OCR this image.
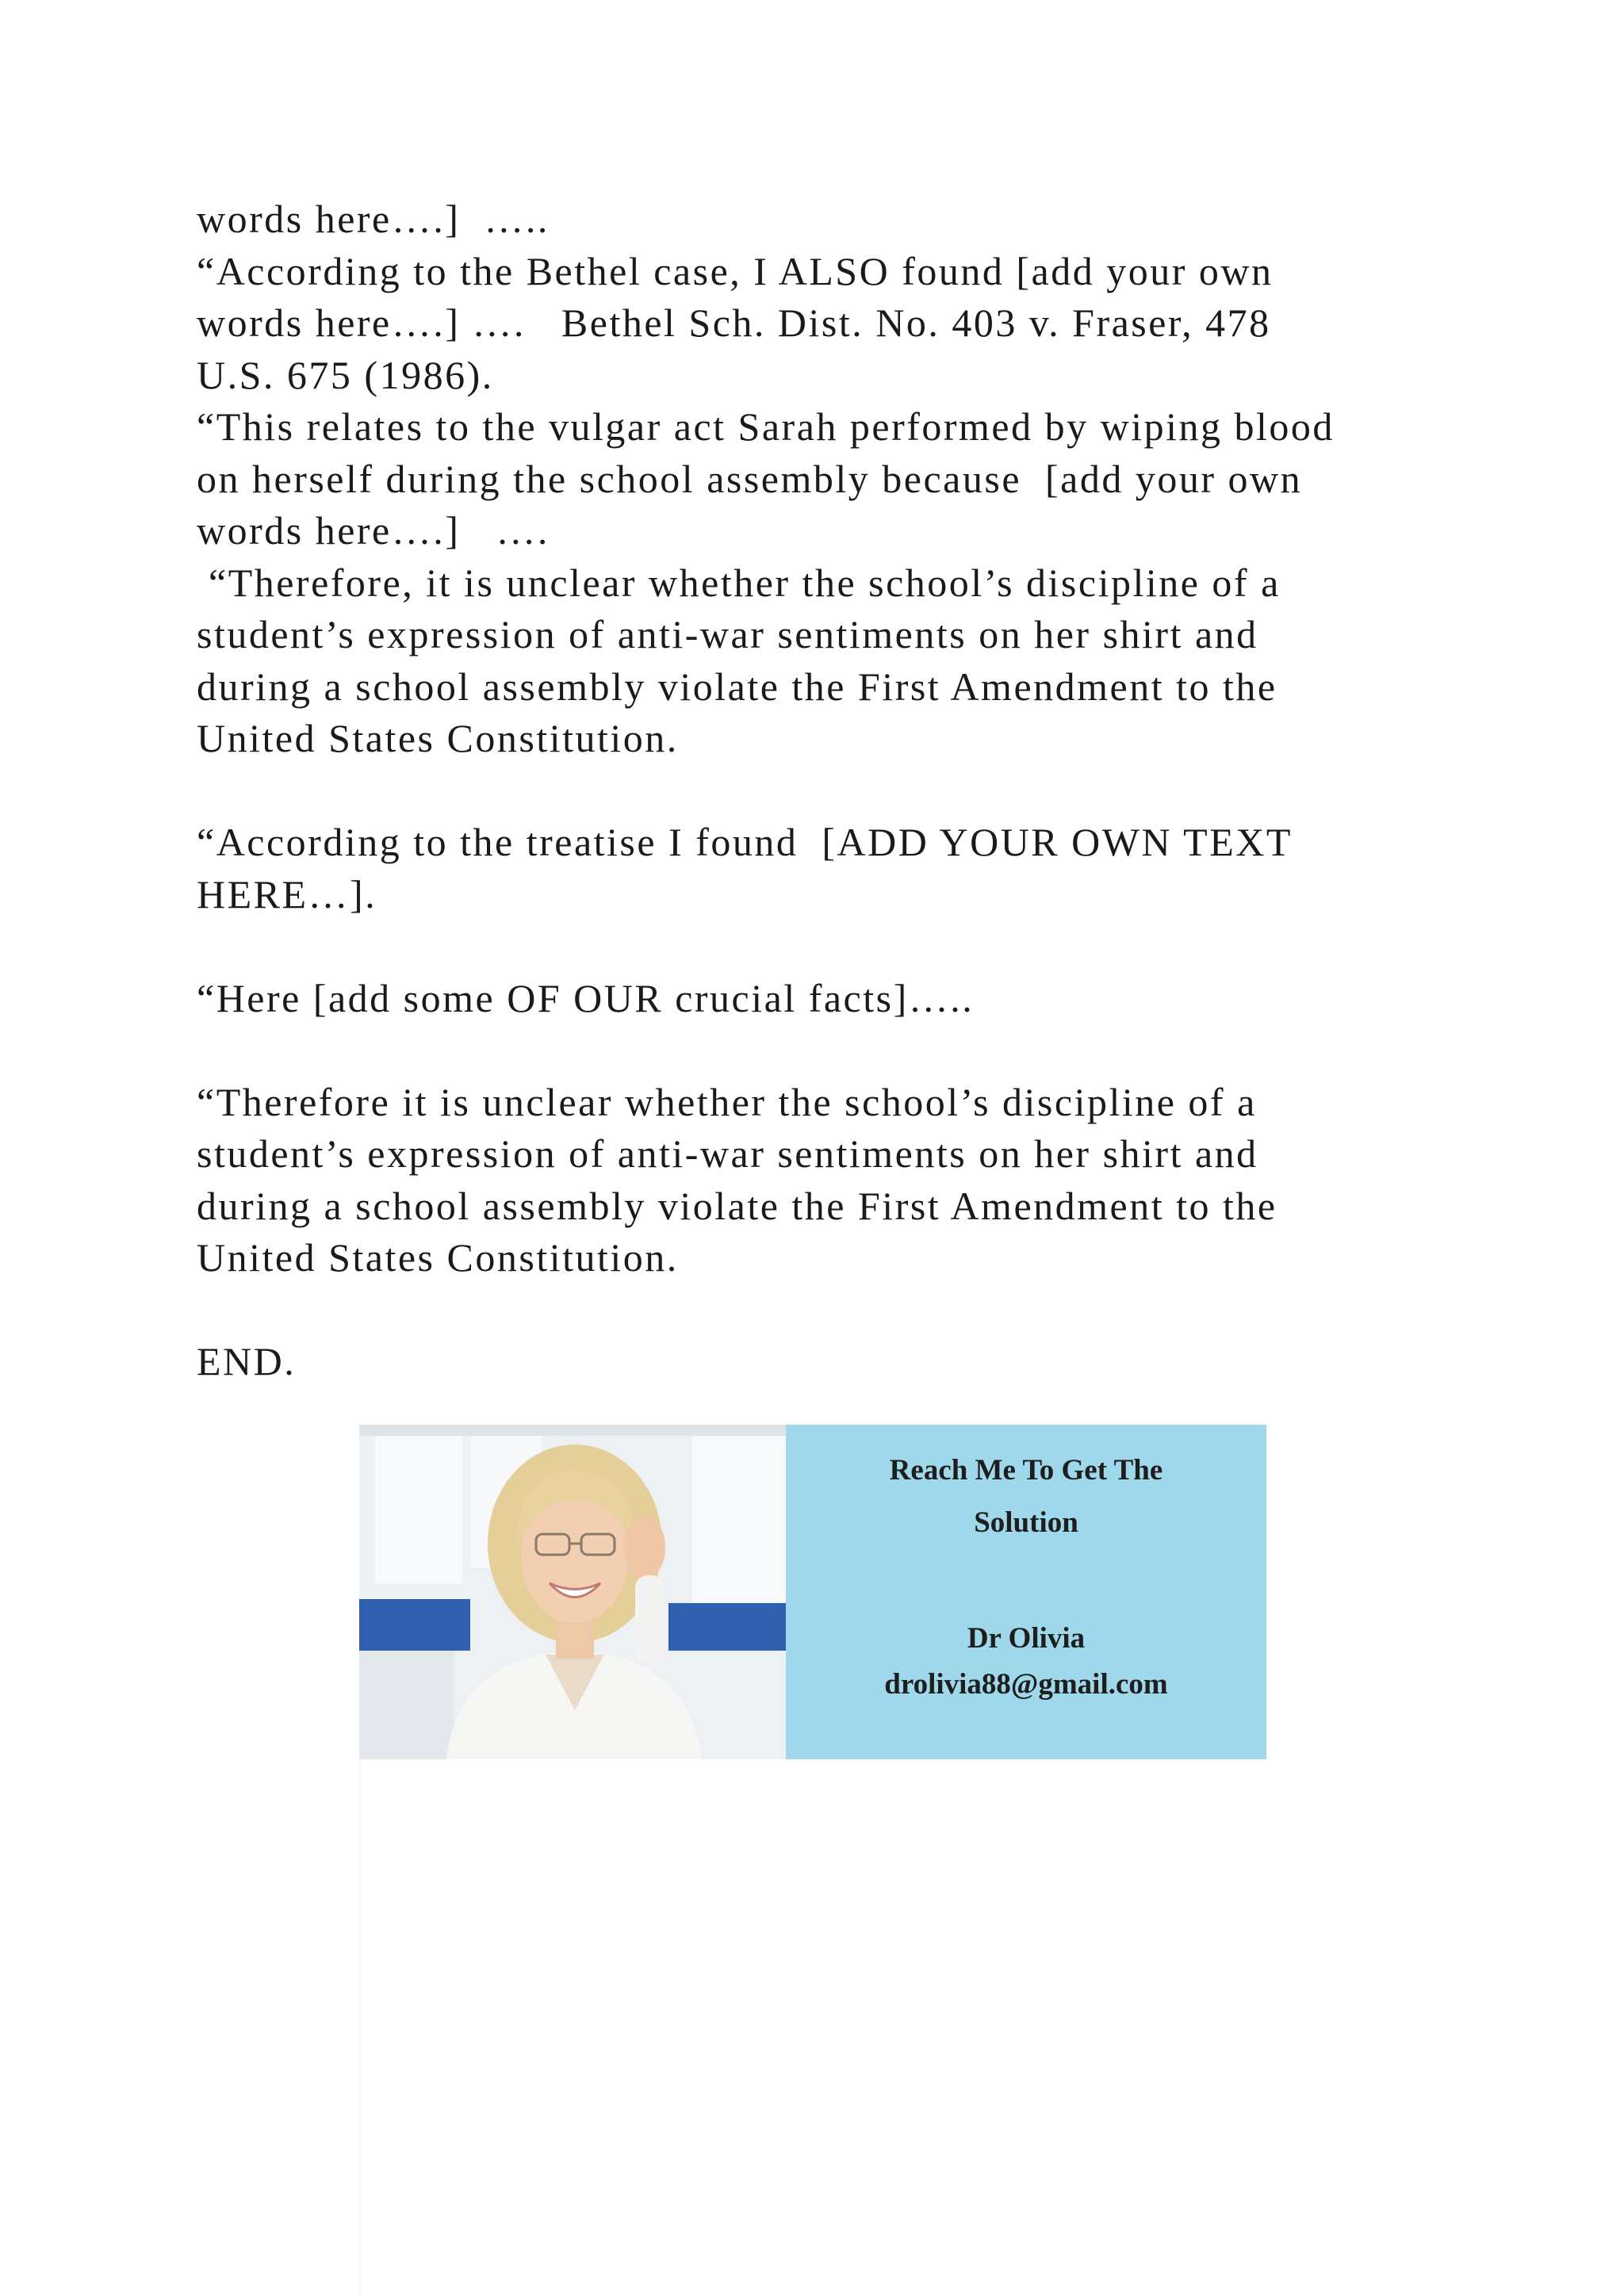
words here….]  …..
“According to the Bethel case, I ALSO found [add your own
words here….] ….   Bethel Sch. Dist. No. 403 v. Fraser, 478
U.S. 675 (1986).
“This relates to the vulgar act Sarah performed by wiping blood
on herself during the school assembly because  [add your own
words here….]   ….
“Therefore, it is unclear whether the school’s discipline of a
student’s expression of anti-war sentiments on her shirt and
during a school assembly violate the First Amendment to the
United States Constitution.
“According to the treatise I found  [ADD YOUR OWN TEXT
HERE…].
“Here [add some OF OUR crucial facts]…..
“Therefore it is unclear whether the school’s discipline of a
student’s expression of anti-war sentiments on her shirt and
during a school assembly violate the First Amendment to the
United States Constitution.
END.
Reach Me To Get The
Solution
Dr Olivia
drolivia88@gmail.com
